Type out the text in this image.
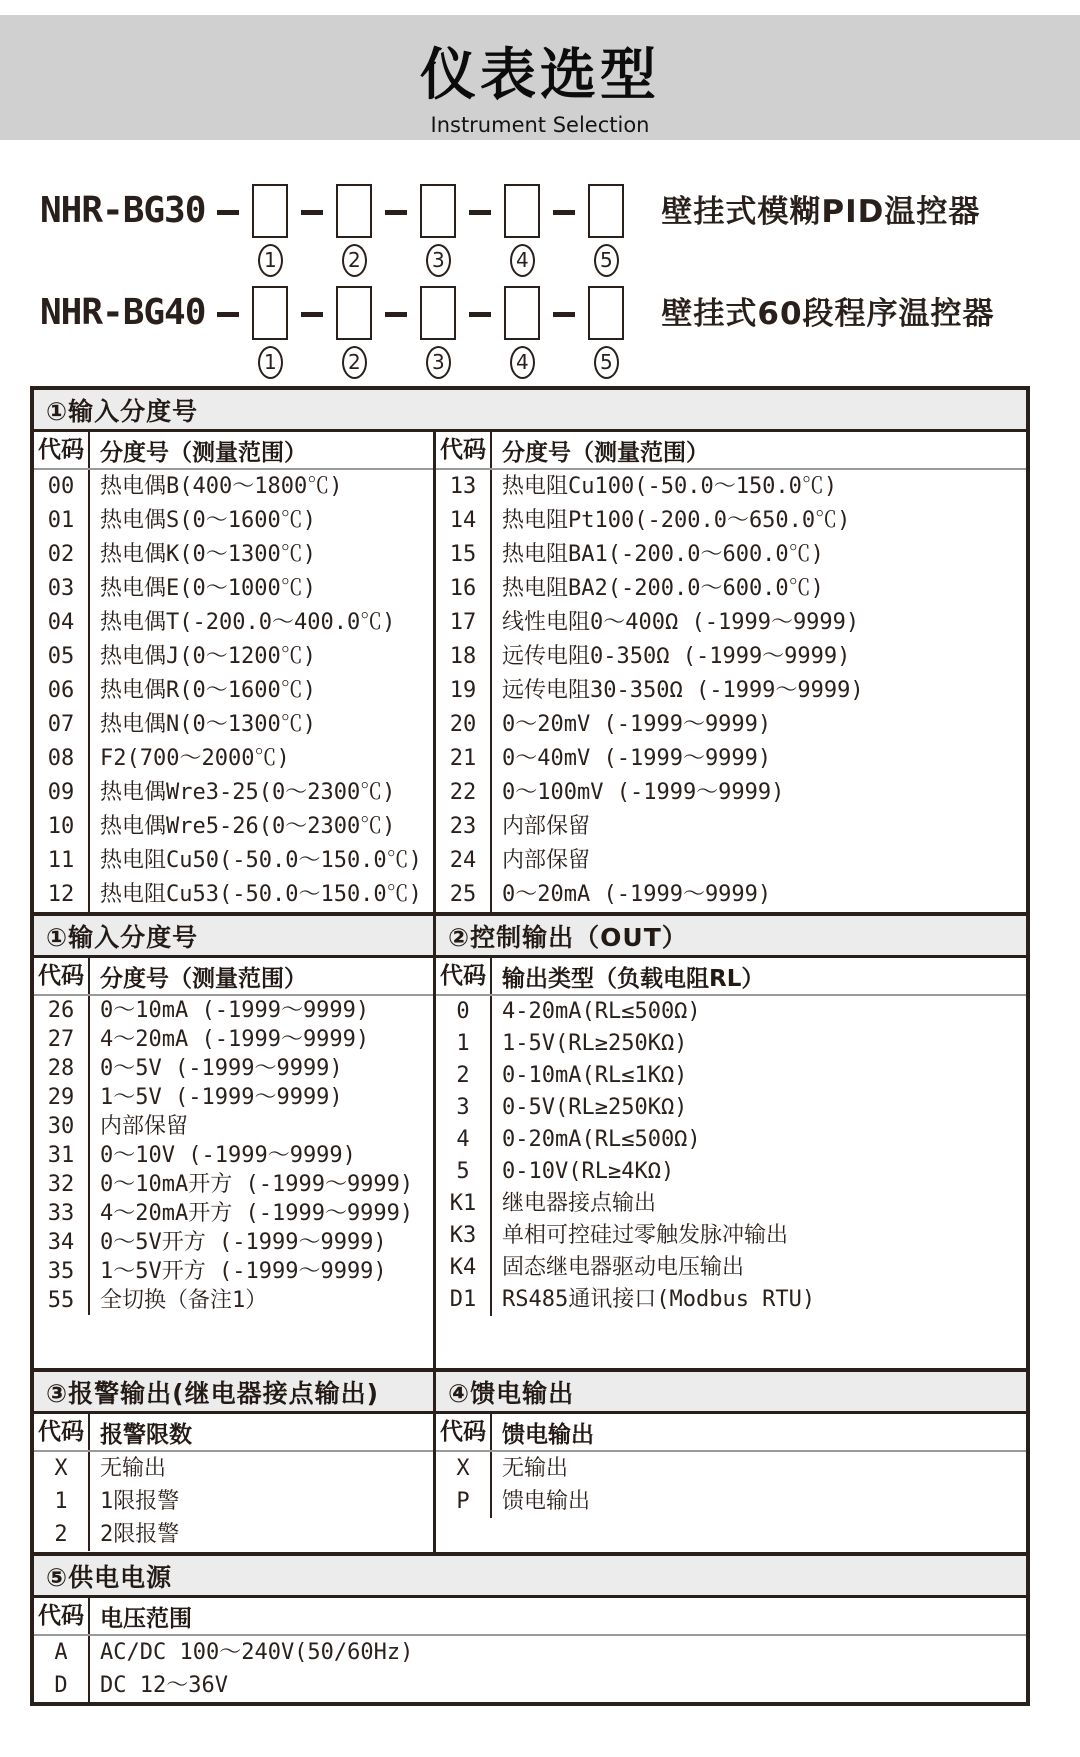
仪表选型
Instrument Selection
NHR-BG30
1	2	3	4	5
壁挂式模糊PID温控器
NHR-BG40
1	2	3	4	5
壁挂式60段程序温控器
①输入分度号
代码 分度号（测量范围）
00	热电偶B(400～1800℃)
01	热电偶S(0～1600℃)
02	热电偶K(0～1300℃)
03	热电偶E(0～1000℃)
04	热电偶T(-200.0～400.0℃)
05	热电偶J(0～1200℃)
06	热电偶R(0～1600℃)
07	热电偶N(0～1300℃)
08	F2(700～2000℃)
09	热电偶Wre3-25(0～2300℃)
10	热电偶Wre5-26(0～2300℃)
11	热电阻Cu50(-50.0～150.0℃)
12	热电阻Cu53(-50.0～150.0℃)
代码 分度号（测量范围）
13	热电阻Cu100(-50.0～150.0℃)
14	热电阻Pt100(-200.0～650.0℃)
15	热电阻BA1(-200.0～600.0℃)
16	热电阻BA2(-200.0～600.0℃)
17	线性电阻0～400Ω (-1999～9999)
18	远传电阻0-350Ω (-1999～9999)
19	远传电阻30-350Ω (-1999～9999)
20	0～20mV (-1999～9999)
21	0～40mV (-1999～9999)
22	0～100mV (-1999～9999)
23	内部保留
24	内部保留
25	0～20mA (-1999～9999)
①输入分度号
代码 分度号（测量范围）
26	0～10mA (-1999～9999)
27	4～20mA (-1999～9999)
28	0～5V (-1999～9999)
29	1～5V (-1999～9999)
30	内部保留
31	0～10V (-1999～9999)
32	0～10mA开方 (-1999～9999)
33	4～20mA开方 (-1999～9999)
34	0～5V开方 (-1999～9999)
35	1～5V开方 (-1999～9999)
55	全切换（备注1）
②控制输出（OUT）
代码 输出类型（负载电阻RL）
0	4-20mA(RL≤500Ω)
1	1-5V(RL≥250KΩ)
2	0-10mA(RL≤1KΩ)
3	0-5V(RL≥250KΩ)
4	0-20mA(RL≤500Ω)
5	0-10V(RL≥4KΩ)
K1	继电器接点输出
K3	单相可控硅过零触发脉冲输出
K4	固态继电器驱动电压输出
D1	RS485通讯接口(Modbus RTU)
③报警输出(继电器接点输出)
代码 报警限数
X	无输出
1	1限报警
2	2限报警
④馈电输出
代码 馈电输出
X	无输出
P	馈电输出
⑤供电电源
代码 电压范围
A	AC/DC 100～240V(50/60Hz)
D	DC 12～36V
